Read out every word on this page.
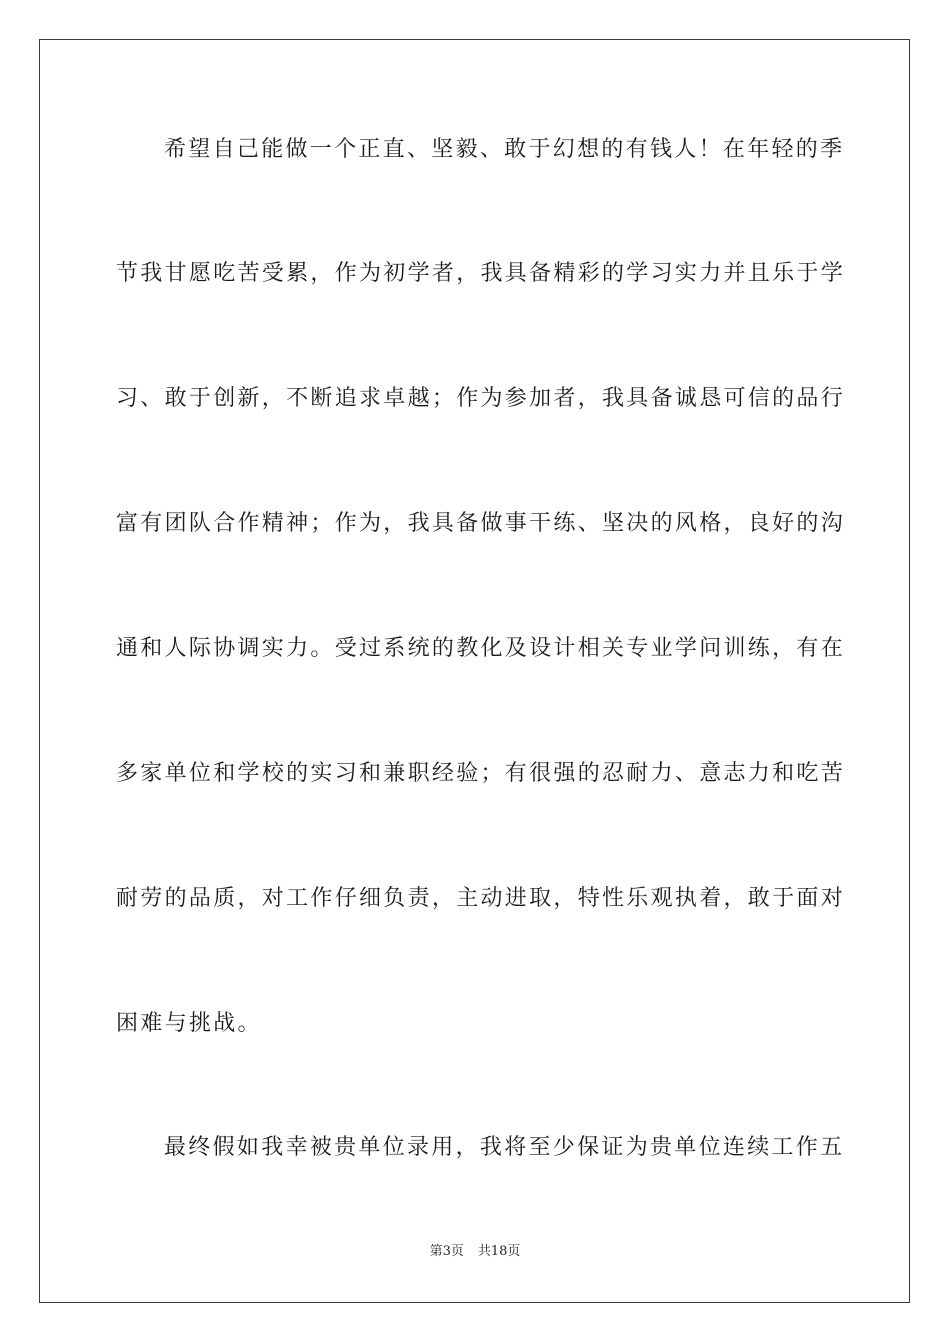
希望自己能做一个正直、坚毅、敢于幻想的有钱人！在年轻的季
节我甘愿吃苦受累，作为初学者，我具备精彩的学习实力并且乐于学
习、敢于创新，不断追求卓越；作为参加者，我具备诚恳可信的品行
富有团队合作精神；作为，我具备做事干练、坚决的风格，良好的沟
通和人际协调实力。受过系统的教化及设计相关专业学问训练，有在
多家单位和学校的实习和兼职经验；有很强的忍耐力、意志力和吃苦
耐劳的品质，对工作仔细负责，主动进取，特性乐观执着，敢于面对
困难与挑战。
最终假如我幸被贵单位录用，我将至少保证为贵单位连续工作五
第3页 共18页
